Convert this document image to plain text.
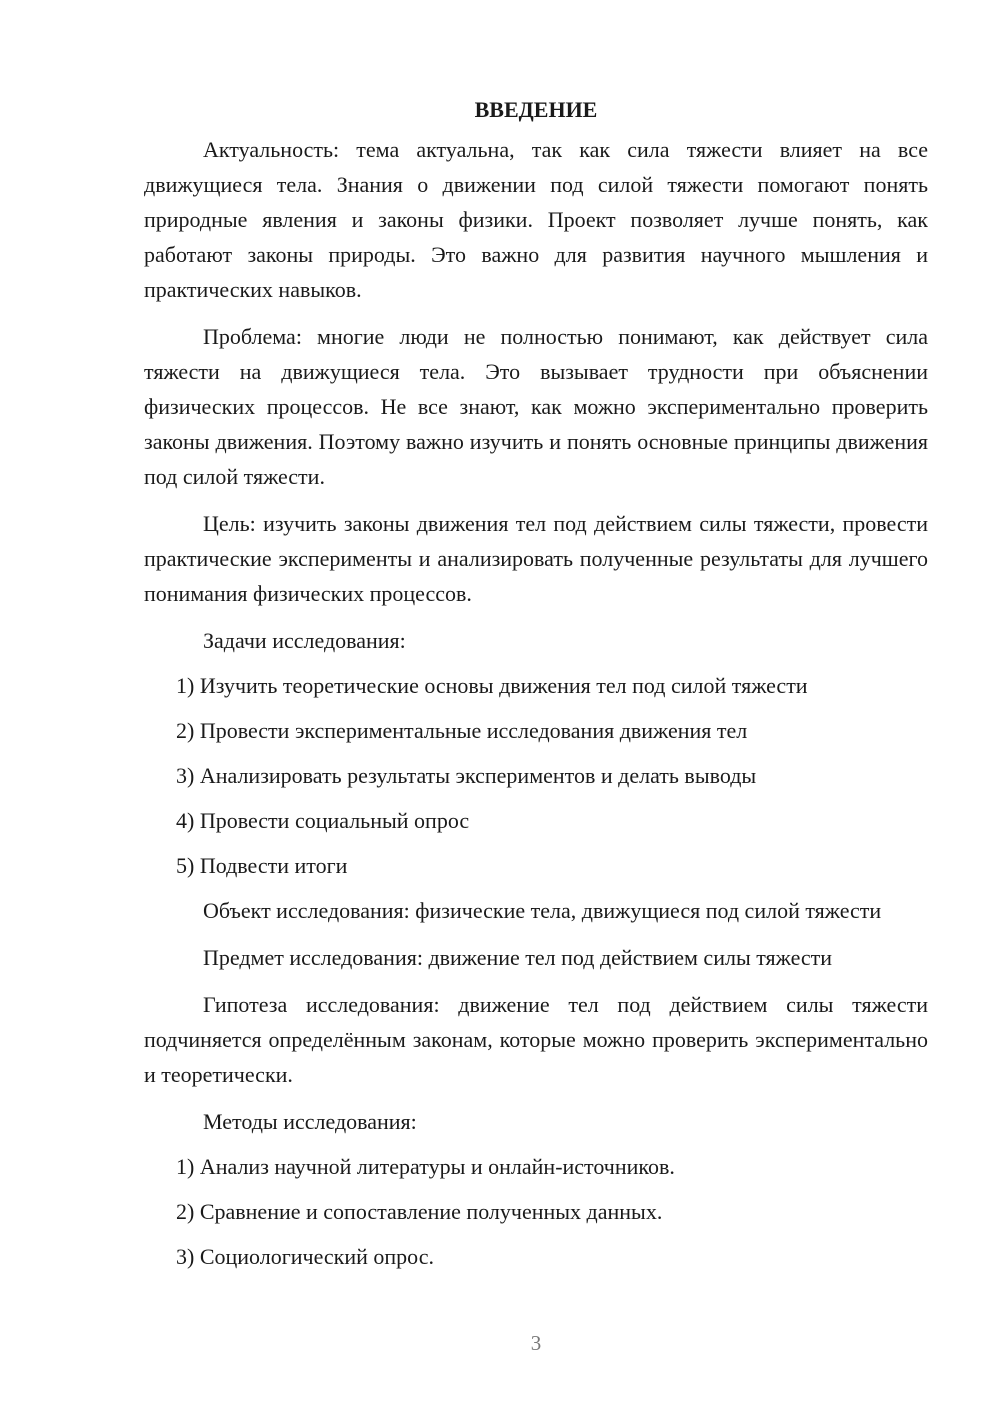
ВВЕДЕНИЕ

Актуальность: тема актуальна, так как сила тяжести влияет на все движущиеся тела. Знания о движении под силой тяжести помогают понять природные явления и законы физики. Проект позволяет лучше понять, как работают законы природы. Это важно для развития научного мышления и практических навыков.

Проблема: многие люди не полностью понимают, как действует сила тяжести на движущиеся тела. Это вызывает трудности при объяснении физических процессов. Не все знают, как можно экспериментально проверить законы движения. Поэтому важно изучить и понять основные принципы движения под силой тяжести.

Цель: изучить законы движения тел под действием силы тяжести, провести практические эксперименты и анализировать полученные результаты для лучшего понимания физических процессов.

Задачи исследования:

1) Изучить теоретические основы движения тел под силой тяжести
2) Провести экспериментальные исследования движения тел
3) Анализировать результаты экспериментов и делать выводы
4) Провести социальный опрос
5) Подвести итоги

Объект исследования: физические тела, движущиеся под силой тяжести

Предмет исследования: движение тел под действием силы тяжести

Гипотеза исследования: движение тел под действием силы тяжести подчиняется определённым законам, которые можно проверить экспериментально и теоретически.

Методы исследования:

1) Анализ научной литературы и онлайн-источников.
2) Сравнение и сопоставление полученных данных.
3) Социологический опрос.
3
